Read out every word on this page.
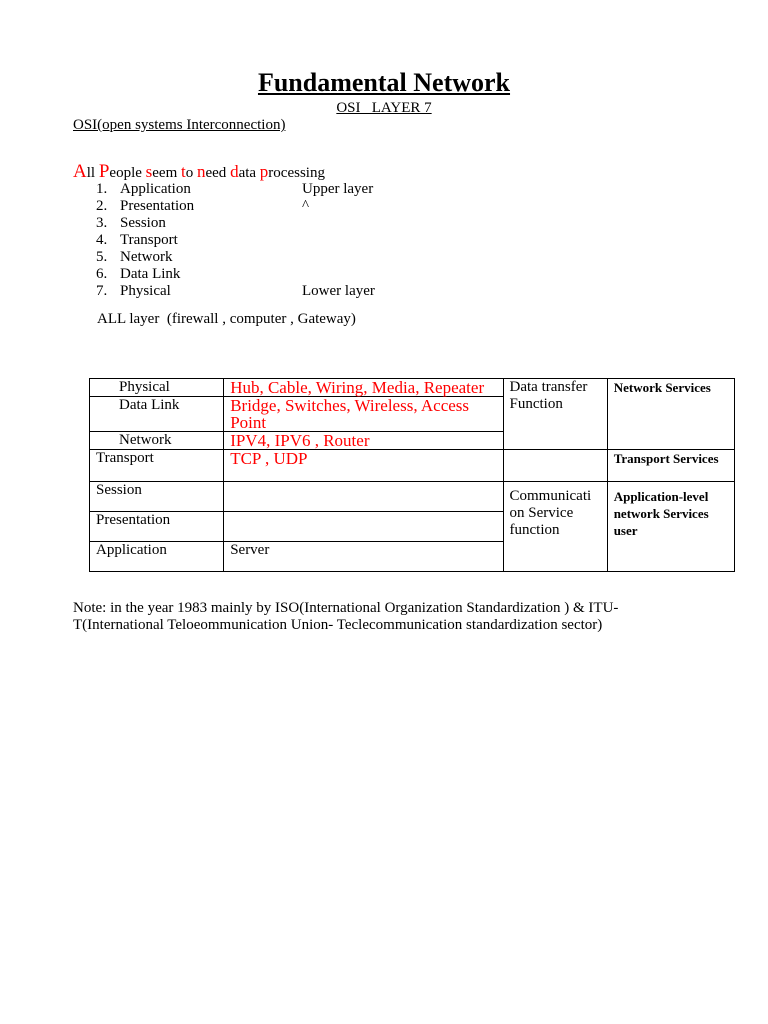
Fundamental Network
OSI   LAYER 7
OSI(open systems Interconnection)
All People seem to need data processing
1. Application	Upper layer
2. Presentation	^
3. Session
4. Transport
5. Network
6. Data Link
7. Physical	Lower layer
ALL layer  (firewall , computer , Gateway)
Physical	Hub, Cable, Wiring, Media, Repeater	Data transfer Function	Network Services
Data Link	Bridge, Switches, Wireless, Access Point		
Network	IPV4, IPV6 , Router		
Transport	TCP , UDP		Transport Services
Session		Communicati on Service function	Application-level network Services user
Presentation			
Application	Server		
Note: in the year 1983 mainly by ISO(International Organization Standardization ) & ITU-T(International Teloeommunication Union- Teclecommunication standardization sector)
